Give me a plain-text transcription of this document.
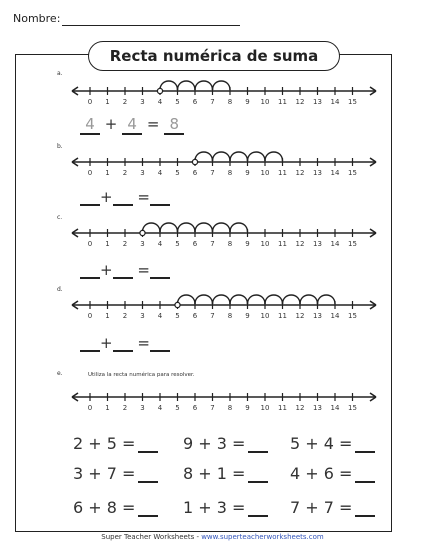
Nombre:
Recta numérica de suma
a.
b.
c.
d.
e.	Utiliza la recta numérica para resolver.
0 1 2 3 4 5 6 7 8 9 10 11 12 13 14 15
0 1 2 3 4 5 6 7 8 9 10 11 12 13 14 15
0 1 2 3 4 5 6 7 8 9 10 11 12 13 14 15
0 1 2 3 4 5 6 7 8 9 10 11 12 13 14 15
0 1 2 3 4 5 6 7 8 9 10 11 12 13 14 15
4 + 4 = 8
+ =
+ =
+ =
2 + 5 =	9 + 3 =	5 + 4 =
3 + 7 =	8 + 1 =	4 + 6 =
6 + 8 =	1 + 3 =	7 + 7 =
Super Teacher Worksheets - www.superteacherworksheets.com
